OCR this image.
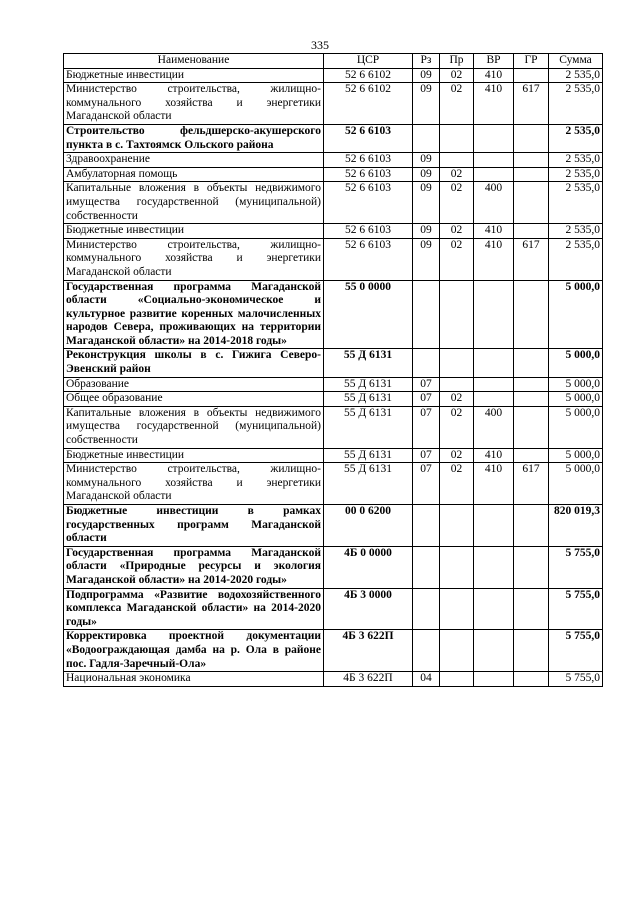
335
Наименование	ЦСР	Рз	Пр	ВР	ГР	Сумма
Бюджетные инвестиции	52 6 6102	09	02	410		2 535,0
Министерство строительства, жилищно-коммунального хозяйства и энергетики Магаданской области	52 6 6102	09	02	410	617	2 535,0
Строительство фельдшерско-акушерского пункта в с. Тахтоямск Ольского района	52 6 6103					2 535,0
Здравоохранение	52 6 6103	09				2 535,0
Амбулаторная помощь	52 6 6103	09	02			2 535,0
Капитальные вложения в объекты недвижимого имущества государственной (муниципальной) собственности	52 6 6103	09	02	400		2 535,0
Бюджетные инвестиции	52 6 6103	09	02	410		2 535,0
Министерство строительства, жилищно-коммунального хозяйства и энергетики Магаданской области	52 6 6103	09	02	410	617	2 535,0
Государственная программа Магаданской области «Социально-экономическое и культурное развитие коренных малочисленных народов Севера, проживающих на территории Магаданской области» на 2014-2018 годы»	55 0 0000					5 000,0
Реконструкция школы в с. Гижига Северо-Эвенский район	55 Д 6131					5 000,0
Образование	55 Д 6131	07				5 000,0
Общее образование	55 Д 6131	07	02			5 000,0
Капитальные вложения в объекты недвижимого имущества государственной (муниципальной) собственности	55 Д 6131	07	02	400		5 000,0
Бюджетные инвестиции	55 Д 6131	07	02	410		5 000,0
Министерство строительства, жилищно-коммунального хозяйства и энергетики Магаданской области	55 Д 6131	07	02	410	617	5 000,0
Бюджетные инвестиции в рамках государственных программ Магаданской области	00 0 6200					820 019,3
Государственная программа Магаданской области «Природные ресурсы и экология Магаданской области» на 2014-2020 годы»	4Б 0 0000					5 755,0
Подпрограмма «Развитие водохозяйственного комплекса Магаданской области» на 2014-2020 годы»	4Б 3 0000					5 755,0
Корректировка проектной документации «Водоограждающая дамба на р. Ола в районе пос. Гадля-Заречный-Ола»	4Б 3 622П					5 755,0
Национальная экономика	4Б 3 622П	04				5 755,0
